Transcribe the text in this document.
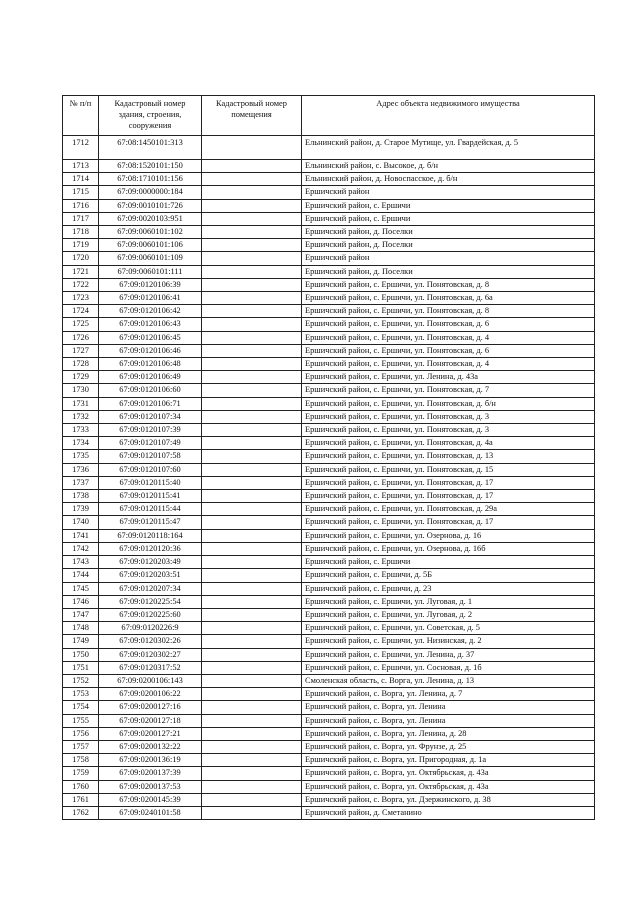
№ п/п	Кадастровый номер здания, строения, сооружения	Кадастровый номер помещения	Адрес объекта недвижимого имущества
1712	67:08:1450101:313		Ельнинский район, д. Старое Мутище, ул. Гвардейская, д. 5
1713	67:08:1520101:150		Ельнинский район, с. Высокое, д. б/н
1714	67:08:1710101:156		Ельнинский район, д. Новоспасское, д. б/н
1715	67:09:0000000:184		Ершичский район
1716	67:09:0010101:726		Ершичский район, с. Ершичи
1717	67:09:0020103:951		Ершичский район, с. Ершичи
1718	67:09:0060101:102		Ершичский район, д. Поселки
1719	67:09:0060101:106		Ершичский район, д. Поселки
1720	67:09:0060101:109		Ершичский район
1721	67:09:0060101:111		Ершичский район, д. Поселки
1722	67:09:0120106:39		Ершичский район, с. Ершичи, ул. Понятовская, д. 8
1723	67:09:0120106:41		Ершичский район, с. Ершичи, ул. Понятовская, д. 6а
1724	67:09:0120106:42		Ершичский район, с. Ершичи, ул. Понятовская, д. 8
1725	67:09:0120106:43		Ершичский район, с. Ершичи, ул. Понятовская, д. 6
1726	67:09:0120106:45		Ершичский район, с. Ершичи, ул. Понятовская, д. 4
1727	67:09:0120106:46		Ершичский район, с. Ершичи, ул. Понятовская, д. 6
1728	67:09:0120106:48		Ершичский район, с. Ершичи, ул. Понятовская, д. 4
1729	67:09:0120106:49		Ершичский район, с. Ершичи, ул. Ленина, д. 43а
1730	67:09:0120106:60		Ершичский район, с. Ершичи, ул. Понятовская, д. 7
1731	67:09:0120106:71		Ершичский район, с. Ершичи, ул. Понятовская, д. б/н
1732	67:09:0120107:34		Ершичский район, с. Ершичи, ул. Понятовская, д. 3
1733	67:09:0120107:39		Ершичский район, с. Ершичи, ул. Понятовская, д. 3
1734	67:09:0120107:49		Ершичский район, с. Ершичи, ул. Понятовская, д. 4а
1735	67:09:0120107:58		Ершичский район, с. Ершичи, ул. Понятовская, д. 13
1736	67:09:0120107:60		Ершичский район, с. Ершичи, ул. Понятовская, д. 15
1737	67:09:0120115:40		Ершичский район, с. Ершичи, ул. Понятовская, д. 17
1738	67:09:0120115:41		Ершичский район, с. Ершичи, ул. Понятовская, д. 17
1739	67:09:0120115:44		Ершичский район, с. Ершичи, ул. Понятовская, д. 29а
1740	67:09:0120115:47		Ершичский район, с. Ершичи, ул. Понятовская, д. 17
1741	67:09:0120118:164		Ершичский район, с. Ершичи, ул. Озернова, д. 16
1742	67:09:0120120:36		Ершичский район, с. Ершичи, ул. Озернова, д. 16б
1743	67:09:0120203:49		Ершичский район, с. Ершичи
1744	67:09:0120203:51		Ершичский район, с. Ершичи, д. 5Б
1745	67:09:0120207:34		Ершичский район, с. Ершичи, д. 23
1746	67:09:0120225:54		Ершичский район, с. Ершичи, ул. Луговая, д. 1
1747	67:09:0120225:60		Ершичский район, с. Ершичи, ул. Луговая, д. 2
1748	67:09:0120226:9		Ершичский район, с. Ершичи, ул. Советская, д. 5
1749	67:09:0120302:26		Ершичский район, с. Ершичи, ул. Низинская, д. 2
1750	67:09:0120302:27		Ершичский район, с. Ершичи, ул. Ленина, д. 37
1751	67:09:0120317:52		Ершичский район, с. Ершичи, ул. Сосновая, д. 1б
1752	67:09:0200106:143		Смоленская область, с. Ворга, ул. Ленина, д. 13
1753	67:09:0200106:22		Ершичский район, с. Ворга, ул. Ленина, д. 7
1754	67:09:0200127:16		Ершичский район, с. Ворга, ул. Ленина
1755	67:09:0200127:18		Ершичский район, с. Ворга, ул. Ленина
1756	67:09:0200127:21		Ершичский район, с. Ворга, ул. Ленина, д. 28
1757	67:09:0200132:22		Ершичский район, с. Ворга, ул. Фрунзе, д. 25
1758	67:09:0200136:19		Ершичский район, с. Ворга, ул. Пригородная, д. 1а
1759	67:09:0200137:39		Ершичский район, с. Ворга, ул. Октябрьская, д. 43а
1760	67:09:0200137:53		Ершичский район, с. Ворга, ул. Октябрьская, д. 43а
1761	67:09:0200145:39		Ершичский район, с. Ворга, ул. Дзержинского, д. 38
1762	67:09:0240101:58		Ершичский район, д. Сметанино
